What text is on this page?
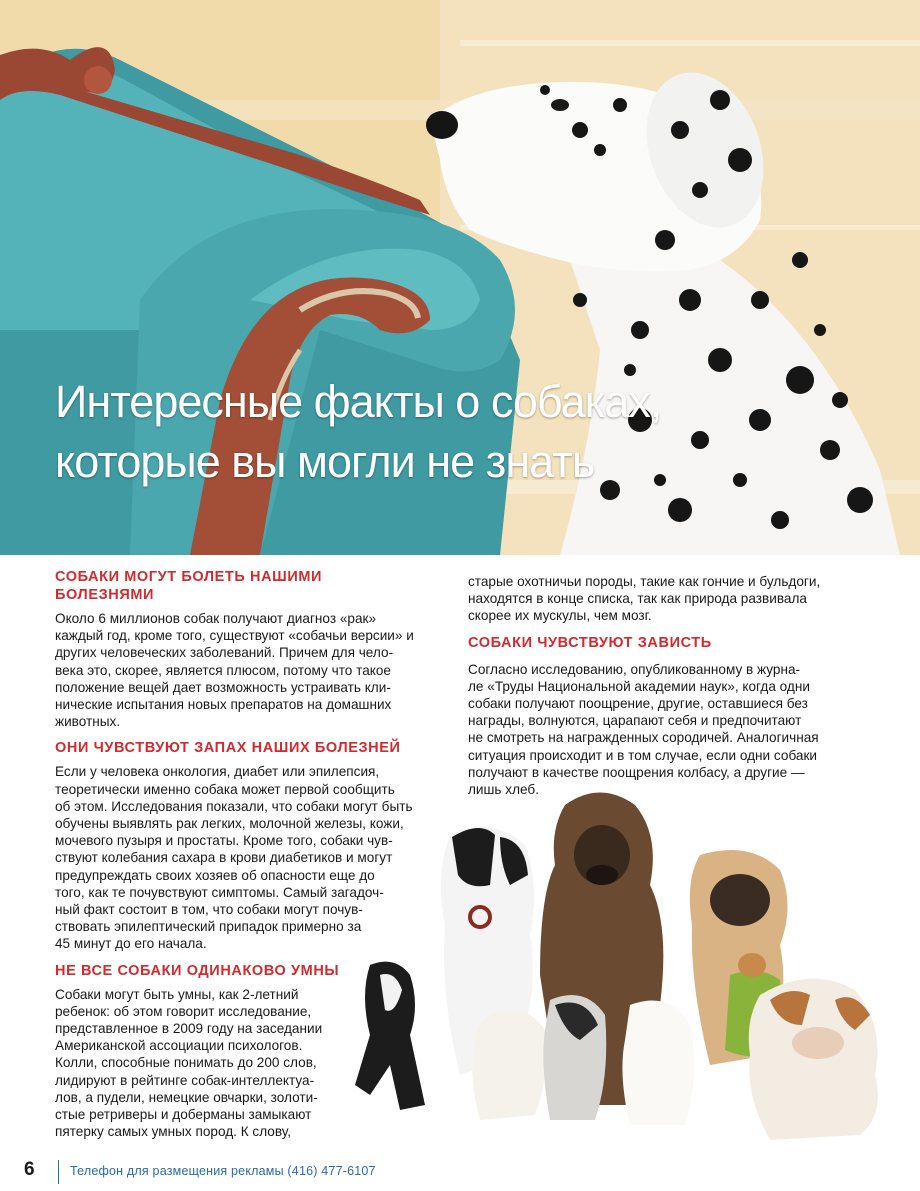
Интересные факты о собаках,
которые вы могли не знать
СОБАКИ МОГУТ БОЛЕТЬ НАШИМИ
БОЛЕЗНЯМИ

Около 6 миллионов собак получают диагноз «рак»
каждый год, кроме того, существуют «собачьи версии» и
других человеческих заболеваний. Причем для чело-
века это, скорее, является плюсом, потому что такое
положение вещей дает возможность устраивать кли-
нические испытания новых препаратов на домашних
животных.

ОНИ ЧУВСТВУЮТ ЗАПАХ НАШИХ БОЛЕЗНЕЙ

Если у человека онкология, диабет или эпилепсия,
теоретически именно собака может первой сообщить
об этом. Исследования показали, что собаки могут быть
обучены выявлять рак легких, молочной железы, кожи,
мочевого пузыря и простаты. Кроме того, собаки чув-
ствуют колебания сахара в крови диабетиков и могут
предупреждать своих хозяев об опасности еще до
того, как те почувствуют симптомы. Самый загадоч-
ный факт состоит в том, что собаки могут почув-
ствовать эпилептический припадок примерно за
45 минут до его начала.

НЕ ВСЕ СОБАКИ ОДИНАКОВО УМНЫ

Собаки могут быть умны, как 2-летний
ребенок: об этом говорит исследование,
представленное в 2009 году на заседании
Американской ассоциации психологов.
Колли, способные понимать до 200 слов,
лидируют в рейтинге собак-интеллектуа-
лов, а пудели, немецкие овчарки, золоти-
стые ретриверы и доберманы замыкают
пятерку самых умных пород. К слову,

старые охотничьи породы, такие как гончие и бульдоги,
находятся в конце списка, так как природа развивала
скорее их мускулы, чем мозг.

СОБАКИ ЧУВСТВУЮТ ЗАВИСТЬ

Согласно исследованию, опубликованному в журна-
ле «Труды Национальной академии наук», когда одни
собаки получают поощрение, другие, оставшиеся без
награды, волнуются, царапают себя и предпочитают
не смотреть на награжденных сородичей. Аналогичная
ситуация происходит и в том случае, если одни собаки
получают в качестве поощрения колбасу, а другие —
лишь хлеб.

6	Телефон для размещения рекламы (416) 477-6107
